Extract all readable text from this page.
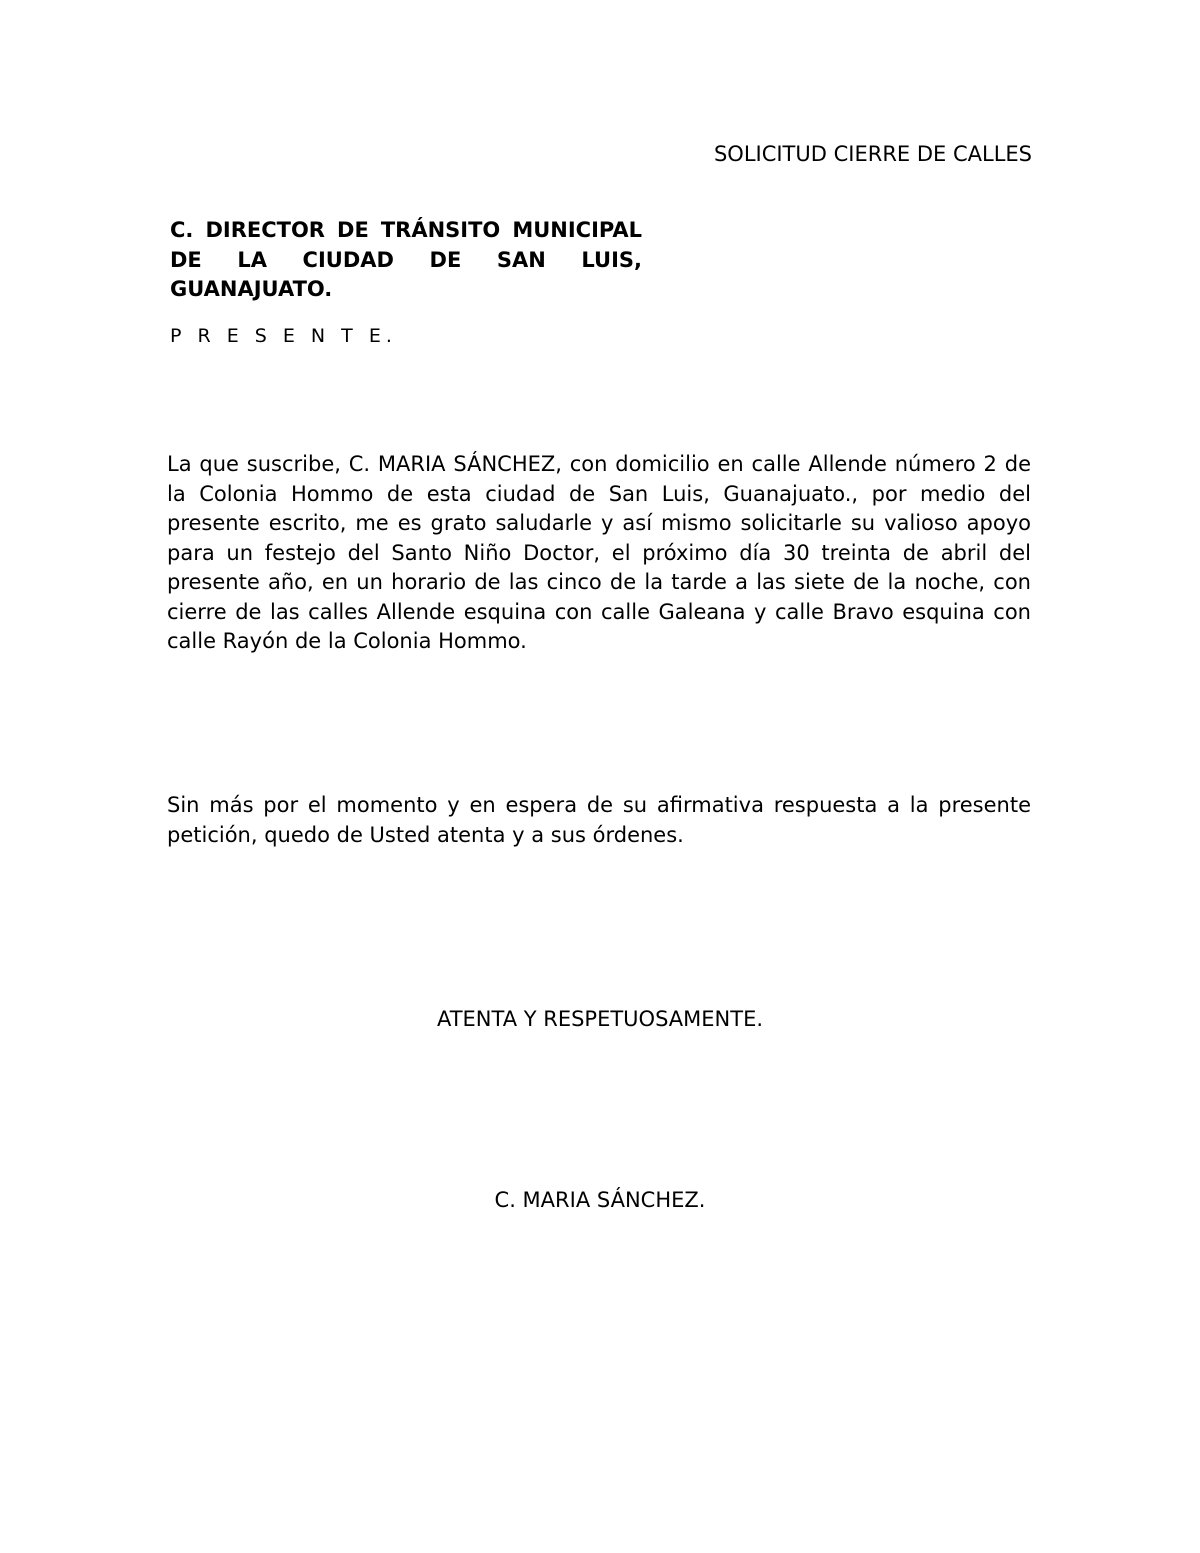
SOLICITUD CIERRE DE CALLES
C. DIRECTOR DE TRÁNSITO MUNICIPAL DE LA CIUDAD DE SAN LUIS, GUANAJUATO.
P R E S E N T E.

La que suscribe, C. MARIA SÁNCHEZ, con domicilio en calle Allende número 2 de la Colonia Hommo de esta ciudad de San Luis, Guanajuato., por medio del presente escrito, me es grato saludarle y así mismo solicitarle su valioso apoyo para un festejo del Santo Niño Doctor, el próximo día 30 treinta de abril del presente año, en un horario de las cinco de la tarde a las siete de la noche, con cierre de las calles Allende esquina con calle Galeana y calle Bravo esquina con calle Rayón de la Colonia Hommo.

Sin más por el momento y en espera de su afirmativa respuesta a la presente petición, quedo de Usted atenta y a sus órdenes.

ATENTA Y RESPETUOSAMENTE.
C. MARIA SÁNCHEZ.
